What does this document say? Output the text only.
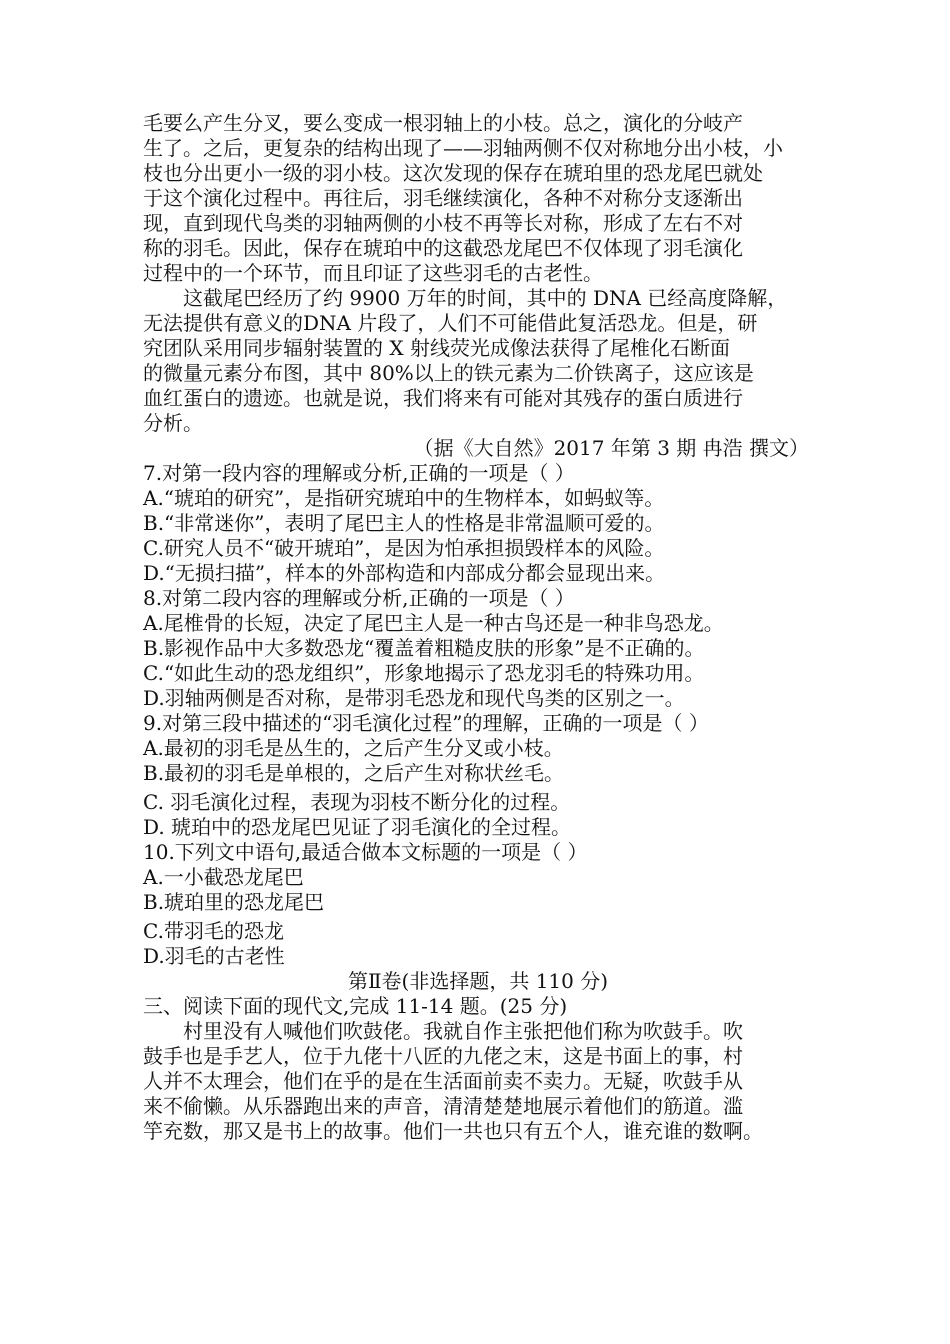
毛要么产生分叉，要么变成一根羽轴上的小枝。总之，演化的分岐产
生了。之后，更复杂的结构出现了——羽轴两侧不仅对称地分出小枝，小
枝也分出更小一级的羽小枝。这次发现的保存在琥珀里的恐龙尾巴就处
于这个演化过程中。再往后，羽毛继续演化，各种不对称分支逐渐出
现，直到现代鸟类的羽轴两侧的小枝不再等长对称，形成了左右不对
称的羽毛。因此，保存在琥珀中的这截恐龙尾巴不仅体现了羽毛演化
过程中的一个环节，而且印证了这些羽毛的古老性。
这截尾巴经历了约 9900 万年的时间，其中的 DNA 已经高度降解，
无法提供有意义的DNA 片段了，人们不可能借此复活恐龙。但是，研
究团队采用同步辐射装置的 X 射线荧光成像法获得了尾椎化石断面
的微量元素分布图，其中 80%以上的铁元素为二价铁离子，这应该是
血红蛋白的遗迹。也就是说，我们将来有可能对其残存的蛋白质进行
分析。
（据《大自然》2017 年第 3 期 冉浩 撰文）
7.对第一段内容的理解或分析,正确的一项是（ ）
A.“琥珀的研究”，是指研究琥珀中的生物样本，如蚂蚁等。
B.“非常迷你”，表明了尾巴主人的性格是非常温顺可爱的。
C.研究人员不“破开琥珀”，是因为怕承担损毁样本的风险。
D.“无损扫描”，样本的外部构造和内部成分都会显现出来。
8.对第二段内容的理解或分析,正确的一项是（ ）
A.尾椎骨的长短，决定了尾巴主人是一种古鸟还是一种非鸟恐龙。
B.影视作品中大多数恐龙“覆盖着粗糙皮肤的形象”是不正确的。
C.“如此生动的恐龙组织”，形象地揭示了恐龙羽毛的特殊功用。
D.羽轴两侧是否对称，是带羽毛恐龙和现代鸟类的区别之一。
9.对第三段中描述的“羽毛演化过程”的理解，正确的一项是（ ）
A.最初的羽毛是丛生的，之后产生分叉或小枝。
B.最初的羽毛是单根的，之后产生对称状丝毛。
C. 羽毛演化过程，表现为羽枝不断分化的过程。
D. 琥珀中的恐龙尾巴见证了羽毛演化的全过程。
10.下列文中语句,最适合做本文标题的一项是（ ）
A.一小截恐龙尾巴
B.琥珀里的恐龙尾巴
C.带羽毛的恐龙
D.羽毛的古老性
第Ⅱ卷(非选择题，共 110 分)
三、阅读下面的现代文,完成 11-14 题。(25 分)
村里没有人喊他们吹鼓佬。我就自作主张把他们称为吹鼓手。吹
鼓手也是手艺人，位于九佬十八匠的九佬之末，这是书面上的事，村
人并不太理会，他们在乎的是在生活面前卖不卖力。无疑，吹鼓手从
来不偷懒。从乐器跑出来的声音，清清楚楚地展示着他们的筋道。滥
竽充数，那又是书上的故事。他们一共也只有五个人，谁充谁的数啊。
